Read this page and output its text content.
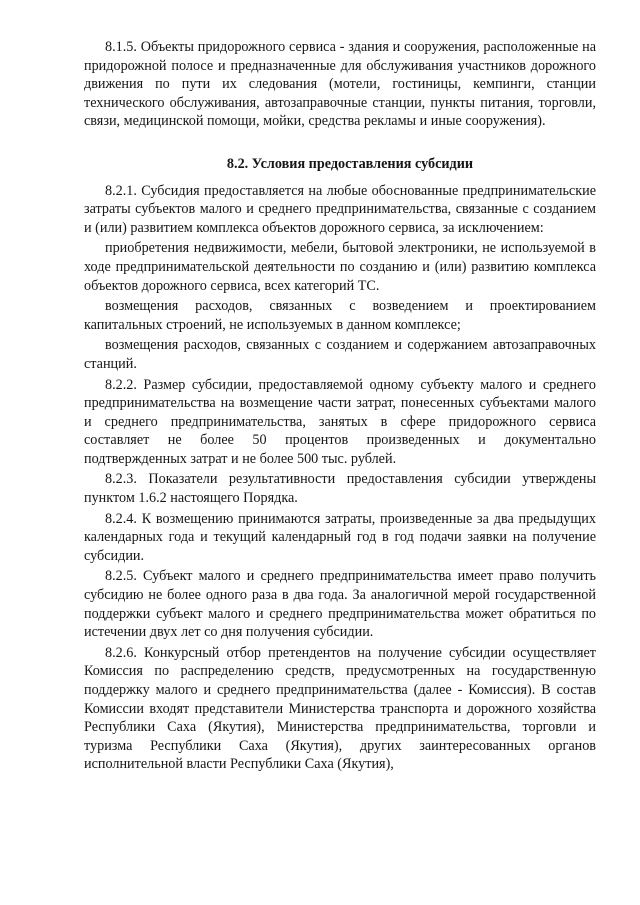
8.1.5. Объекты придорожного сервиса - здания и сооружения, расположенные на придорожной полосе и предназначенные для обслуживания участников дорожного движения по пути их следования (мотели, гостиницы, кемпинги, станции технического обслуживания, автозаправочные станции, пункты питания, торговли, связи, медицинской помощи, мойки, средства рекламы и иные сооружения).

8.2. Условия предоставления субсидии

8.2.1. Субсидия предоставляется на любые обоснованные предпринимательские затраты субъектов малого и среднего предпринимательства, связанные с созданием и (или) развитием комплекса объектов дорожного сервиса, за исключением:

приобретения недвижимости, мебели, бытовой электроники, не используемой в ходе предпринимательской деятельности по созданию и (или) развитию комплекса объектов дорожного сервиса, всех категорий ТС.

возмещения расходов, связанных с возведением и проектированием капитальных строений, не используемых в данном комплексе;

возмещения расходов, связанных с созданием и содержанием автозаправочных станций.

8.2.2. Размер субсидии, предоставляемой одному субъекту малого и среднего предпринимательства на возмещение части затрат, понесенных субъектами малого и среднего предпринимательства, занятых в сфере придорожного сервиса составляет не более 50 процентов произведенных и документально подтвержденных затрат и не более 500 тыс. рублей.

8.2.3. Показатели результативности предоставления субсидии утверждены пунктом 1.6.2 настоящего Порядка.

8.2.4. К возмещению принимаются затраты, произведенные за два предыдущих календарных года и текущий календарный год в год подачи заявки на получение субсидии.

8.2.5. Субъект малого и среднего предпринимательства имеет право получить субсидию не более одного раза в два года. За аналогичной мерой государственной поддержки субъект малого и среднего предпринимательства может обратиться по истечении двух лет со дня получения субсидии.

8.2.6. Конкурсный отбор претендентов на получение субсидии осуществляет Комиссия по распределению средств, предусмотренных на государственную поддержку малого и среднего предпринимательства (далее - Комиссия). В состав Комиссии входят представители Министерства транспорта и дорожного хозяйства Республики Саха (Якутия), Министерства предпринимательства, торговли и туризма Республики Саха (Якутия), других заинтересованных органов исполнительной власти Республики Саха (Якутия),
